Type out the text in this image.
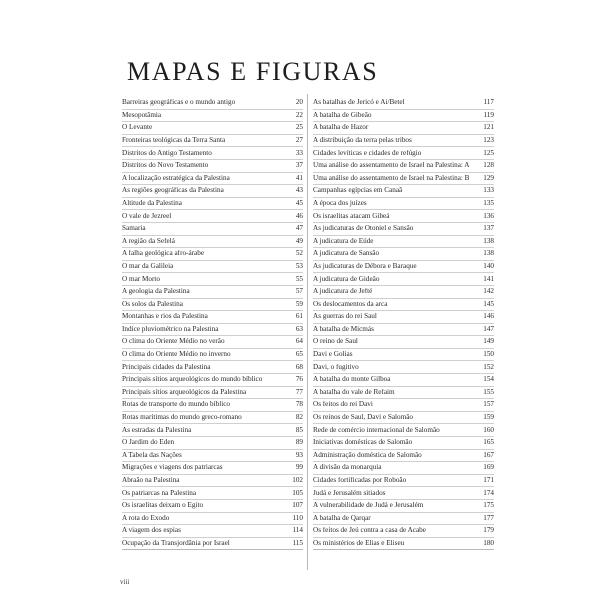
MAPAS E FIGURAS
Barreiras geográficas e o mundo antigo	20
Mesopotâmia	22
O Levante	25
Fronteiras teológicas da Terra Santa	27
Distritos do Antigo Testamento	33
Distritos do Novo Testamento	37
A localização estratégica da Palestina	41
As regiões geográficas da Palestina	43
Altitude da Palestina	45
O vale de Jezreel	46
Samaria	47
A região da Sefelá	49
A falha geológica afro-árabe	52
O mar da Galileia	53
O mar Morto	55
A geologia da Palestina	57
Os solos da Palestina	59
Montanhas e rios da Palestina	61
Índice pluviométrico na Palestina	63
O clima do Oriente Médio no verão	64
O clima do Oriente Médio no inverno	65
Principais cidades da Palestina	68
Principais sítios arqueológicos do mundo bíblico	76
Principais sítios arqueológicos da Palestina	77
Rotas de transporte do mundo bíblico	78
Rotas marítimas do mundo greco-romano	82
As estradas da Palestina	85
O Jardim do Éden	89
A Tabela das Nações	93
Migrações e viagens dos patriarcas	99
Abraão na Palestina	102
Os patriarcas na Palestina	105
Os israelitas deixam o Egito	107
A rota do Êxodo	110
A viagem dos espias	114
Ocupação da Transjordânia por Israel	115
As batalhas de Jericó e Ai/Betel	117
A batalha de Gibeão	119
A batalha de Hazor	121
A distribuição da terra pelas tribos	123
Cidades levíticas e cidades de refúgio	125
Uma análise do assentamento de Israel na Palestina: A	128
Uma análise do assentamento de Israel na Palestina: B	129
Campanhas egípcias em Canaã	133
A época dos juízes	135
Os israelitas atacam Gibeá	136
As judicaturas de Otoniel e Sansão	137
A judicatura de Eúde	138
A judicatura de Sansão	138
As judicaturas de Débora e Baraque	140
A judicatura de Gideão	141
A judicatura de Jefté	142
Os deslocamentos da arca	145
As guerras do rei Saul	146
A batalha de Micmás	147
O reino de Saul	149
Davi e Golias	150
Davi, o fugitivo	152
A batalha do monte Gilboa	154
A batalha do vale de Refaim	155
Os feitos do rei Davi	157
Os reinos de Saul, Davi e Salomão	159
Rede de comércio internacional de Salomão	160
Iniciativas domésticas de Salomão	165
Administração doméstica de Salomão	167
A divisão da monarquia	169
Cidades fortificadas por Roboão	171
Judá e Jerusalém sitiados	174
A vulnerabilidade de Judá e Jerusalém	175
A batalha de Qarqar	177
Os feitos de Jeú contra a casa de Acabe	179
Os ministérios de Elias e Eliseu	180
viii
